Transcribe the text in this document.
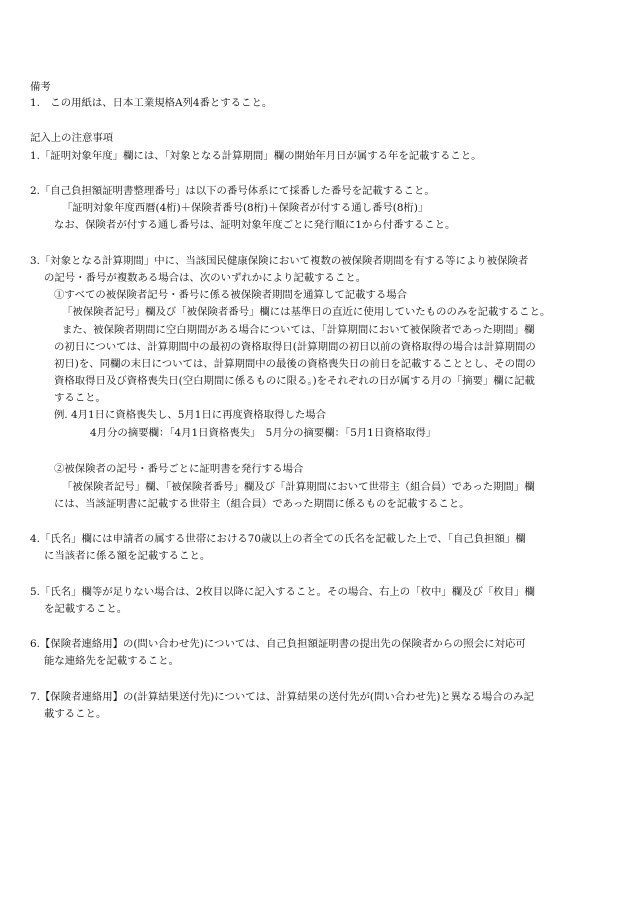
備考
1.　この用紙は、日本工業規格A列4番とすること。
記入上の注意事項
1.「証明対象年度」欄には、「対象となる計算期間」欄の開始年月日が属する年を記載すること。
2.「自己負担額証明書整理番号」は以下の番号体系にて採番した番号を記載すること。
「証明対象年度西暦(4桁)＋保険者番号(8桁)＋保険者が付する通し番号(8桁)」
なお、保険者が付する通し番号は、証明対象年度ごとに発行順に1から付番すること。
3.「対象となる計算期間」中に、当該国民健康保険において複数の被保険者期間を有する等により被保険者
の記号・番号が複数ある場合は、次のいずれかにより記載すること。
①すべての被保険者記号・番号に係る被保険者期間を通算して記載する場合
「被保険者記号」欄及び「被保険者番号」欄には基準日の直近に使用していたもののみを記載すること。
また、被保険者期間に空白期間がある場合については、「計算期間において被保険者であった期間」欄
の初日については、計算期間中の最初の資格取得日(計算期間の初日以前の資格取得の場合は計算期間の
初日)を、同欄の末日については、計算期間中の最後の資格喪失日の前日を記載することとし、その間の
資格取得日及び資格喪失日(空白期間に係るものに限る。)をそれぞれの日が属する月の「摘要」欄に記載
すること。
例. 4月1日に資格喪失し、5月1日に再度資格取得した場合
4月分の摘要欄：「4月1日資格喪失」　5月分の摘要欄：「5月1日資格取得」
②被保険者の記号・番号ごとに証明書を発行する場合
「被保険者記号」欄、「被保険者番号」欄及び「計算期間において世帯主（組合員）であった期間」欄
には、当該証明書に記載する世帯主（組合員）であった期間に係るものを記載すること。
4.「氏名」欄には申請者の属する世帯における70歳以上の者全ての氏名を記載した上で、「自己負担額」欄
に当該者に係る額を記載すること。
5.「氏名」欄等が足りない場合は、2枚目以降に記入すること。その場合、右上の「枚中」欄及び「枚目」欄
を記載すること。
6.【保険者連絡用】の(問い合わせ先)については、自己負担額証明書の提出先の保険者からの照会に対応可
能な連絡先を記載すること。
7.【保険者連絡用】の(計算結果送付先)については、計算結果の送付先が(問い合わせ先)と異なる場合のみ記
載すること。
